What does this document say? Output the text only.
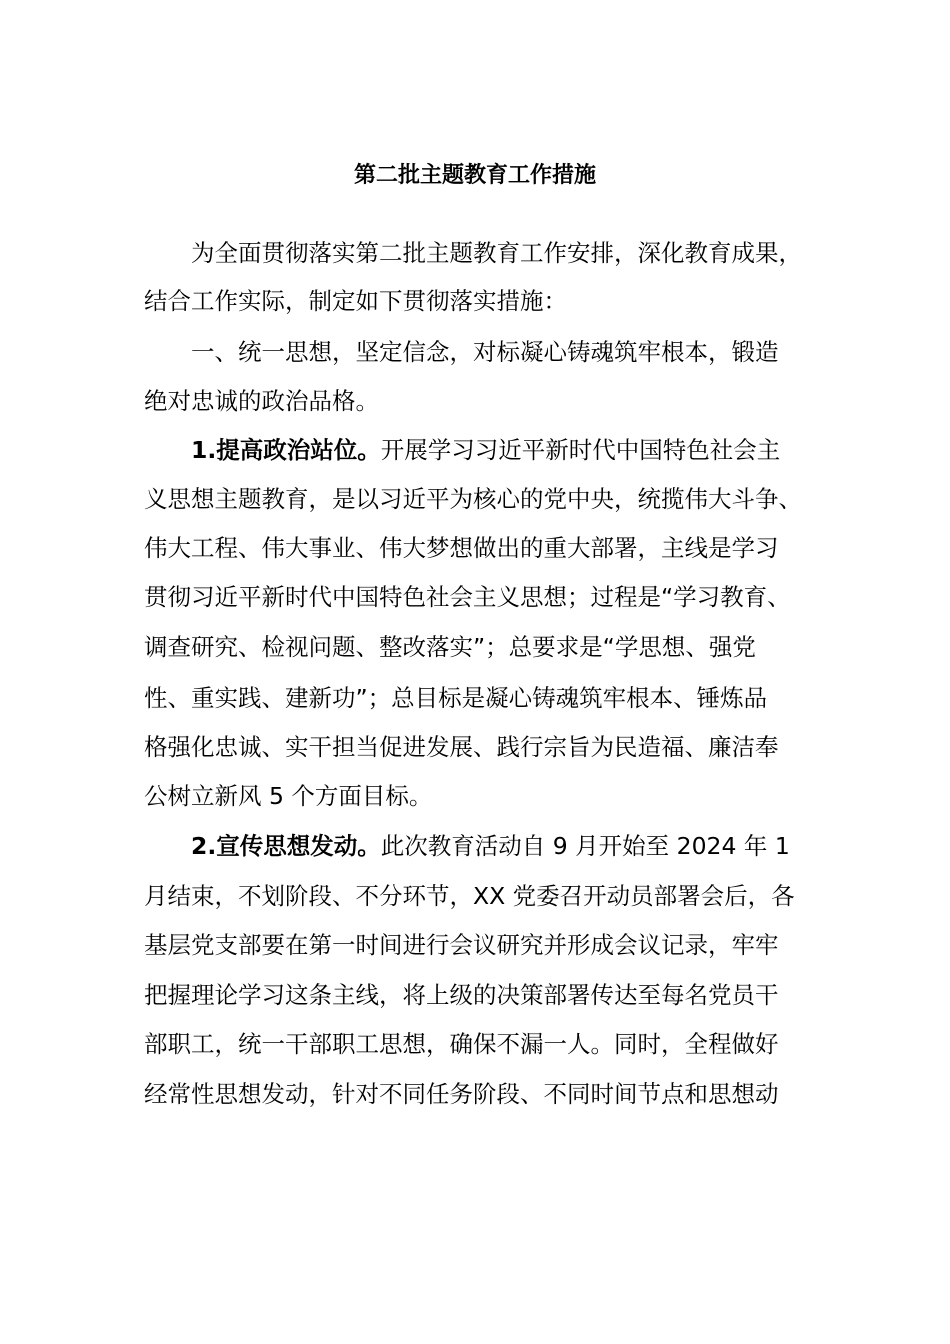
第二批主题教育工作措施
　　为全面贯彻落实第二批主题教育工作安排，深化教育成果，
结合工作实际，制定如下贯彻落实措施：
　　一、统一思想，坚定信念，对标凝心铸魂筑牢根本，锻造
绝对忠诚的政治品格。
　　1.提高政治站位。开展学习习近平新时代中国特色社会主
义思想主题教育，是以习近平为核心的党中央，统揽伟大斗争、
伟大工程、伟大事业、伟大梦想做出的重大部署，主线是学习
贯彻习近平新时代中国特色社会主义思想；过程是“学习教育、
调查研究、检视问题、整改落实”；总要求是“学思想、强党
性、重实践、建新功”；总目标是凝心铸魂筑牢根本、锤炼品
格强化忠诚、实干担当促进发展、践行宗旨为民造福、廉洁奉
公树立新风 5 个方面目标。
　　2.宣传思想发动。此次教育活动自 9 月开始至 2024 年 1
月结束，不划阶段、不分环节，XX 党委召开动员部署会后，各
基层党支部要在第一时间进行会议研究并形成会议记录，牢牢
把握理论学习这条主线，将上级的决策部署传达至每名党员干
部职工，统一干部职工思想，确保不漏一人。同时，全程做好
经常性思想发动，针对不同任务阶段、不同时间节点和思想动
